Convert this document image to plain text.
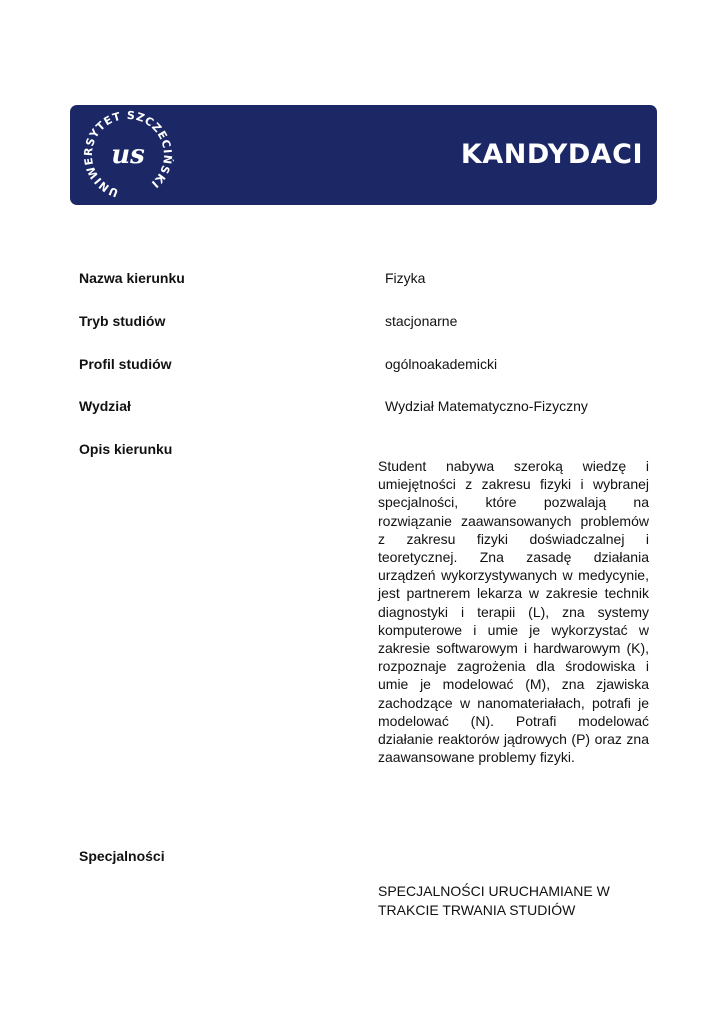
UNIWERSYTET SZCZECIŃSKI
us	KANDYDACI
Nazwa kierunku	Fizyka
Tryb studiów	stacjonarne
Profil studiów	ogólnoakademicki
Wydział	Wydział Matematyczno-Fizyczny
Opis kierunku

Student nabywa szeroką wiedzę i umiejętności z zakresu fizyki i wybranej specjalności, które pozwalają na rozwiązanie zaawansowanych problemów z zakresu fizyki doświadczalnej i teoretycznej. Zna zasadę działania urządzeń wykorzystywanych w medycynie, jest partnerem lekarza w zakresie technik diagnostyki i terapii (L), zna systemy komputerowe i umie je wykorzystać w zakresie softwarowym i hardwarowym (K), rozpoznaje zagrożenia dla środowiska i umie je modelować (M), zna zjawiska zachodzące w nanomateriałach, potrafi je modelować (N). Potrafi modelować działanie reaktorów jądrowych (P) oraz zna zaawansowane problemy fizyki.

Specjalności
SPECJALNOŚCI URUCHAMIANE W TRAKCIE TRWANIA STUDIÓW
